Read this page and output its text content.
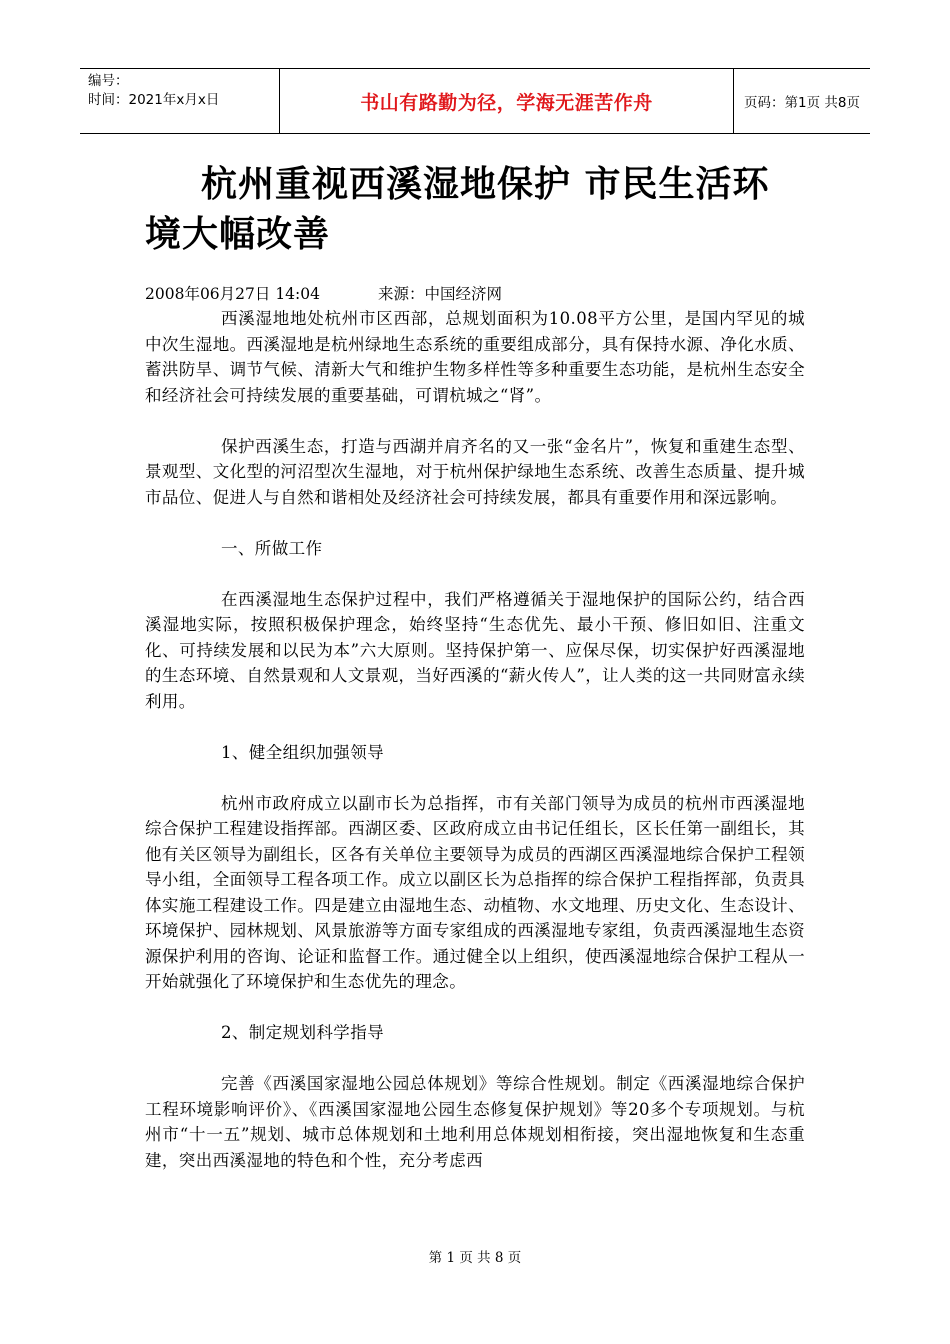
编号：
时间：2021年x月x日	书山有路勤为径，学海无涯苦作舟	页码：第1页 共8页
杭州重视西溪湿地保护 市民生活环境大幅改善
2008年06月27日 14:04	来源：中国经济网

西溪湿地地处杭州市区西部，总规划面积为10.08平方公里，是国内罕见的城中次生湿地。西溪湿地是杭州绿地生态系统的重要组成部分，具有保持水源、净化水质、蓄洪防旱、调节气候、清新大气和维护生物多样性等多种重要生态功能，是杭州生态安全和经济社会可持续发展的重要基础，可谓杭城之“肾”。

保护西溪生态，打造与西湖并肩齐名的又一张“金名片”，恢复和重建生态型、景观型、文化型的河沼型次生湿地，对于杭州保护绿地生态系统、改善生态质量、提升城市品位、促进人与自然和谐相处及经济社会可持续发展，都具有重要作用和深远影响。

一、所做工作

在西溪湿地生态保护过程中，我们严格遵循关于湿地保护的国际公约，结合西溪湿地实际，按照积极保护理念，始终坚持“生态优先、最小干预、修旧如旧、注重文化、可持续发展和以民为本”六大原则。坚持保护第一、应保尽保，切实保护好西溪湿地的生态环境、自然景观和人文景观，当好西溪的“薪火传人”，让人类的这一共同财富永续利用。

1、健全组织加强领导

杭州市政府成立以副市长为总指挥，市有关部门领导为成员的杭州市西溪湿地综合保护工程建设指挥部。西湖区委、区政府成立由书记任组长，区长任第一副组长，其他有关区领导为副组长，区各有关单位主要领导为成员的西湖区西溪湿地综合保护工程领导小组，全面领导工程各项工作。成立以副区长为总指挥的综合保护工程指挥部，负责具体实施工程建设工作。四是建立由湿地生态、动植物、水文地理、历史文化、生态设计、环境保护、园林规划、风景旅游等方面专家组成的西溪湿地专家组，负责西溪湿地生态资源保护利用的咨询、论证和监督工作。通过健全以上组织，使西溪湿地综合保护工程从一开始就强化了环境保护和生态优先的理念。

2、制定规划科学指导

完善《西溪国家湿地公园总体规划》等综合性规划。制定《西溪湿地综合保护工程环境影响评价》、《西溪国家湿地公园生态修复保护规划》等20多个专项规划。与杭州市“十一五”规划、城市总体规划和土地利用总体规划相衔接，突出湿地恢复和生态重建，突出西溪湿地的特色和个性，充分考虑西

第 1 页 共 8 页
